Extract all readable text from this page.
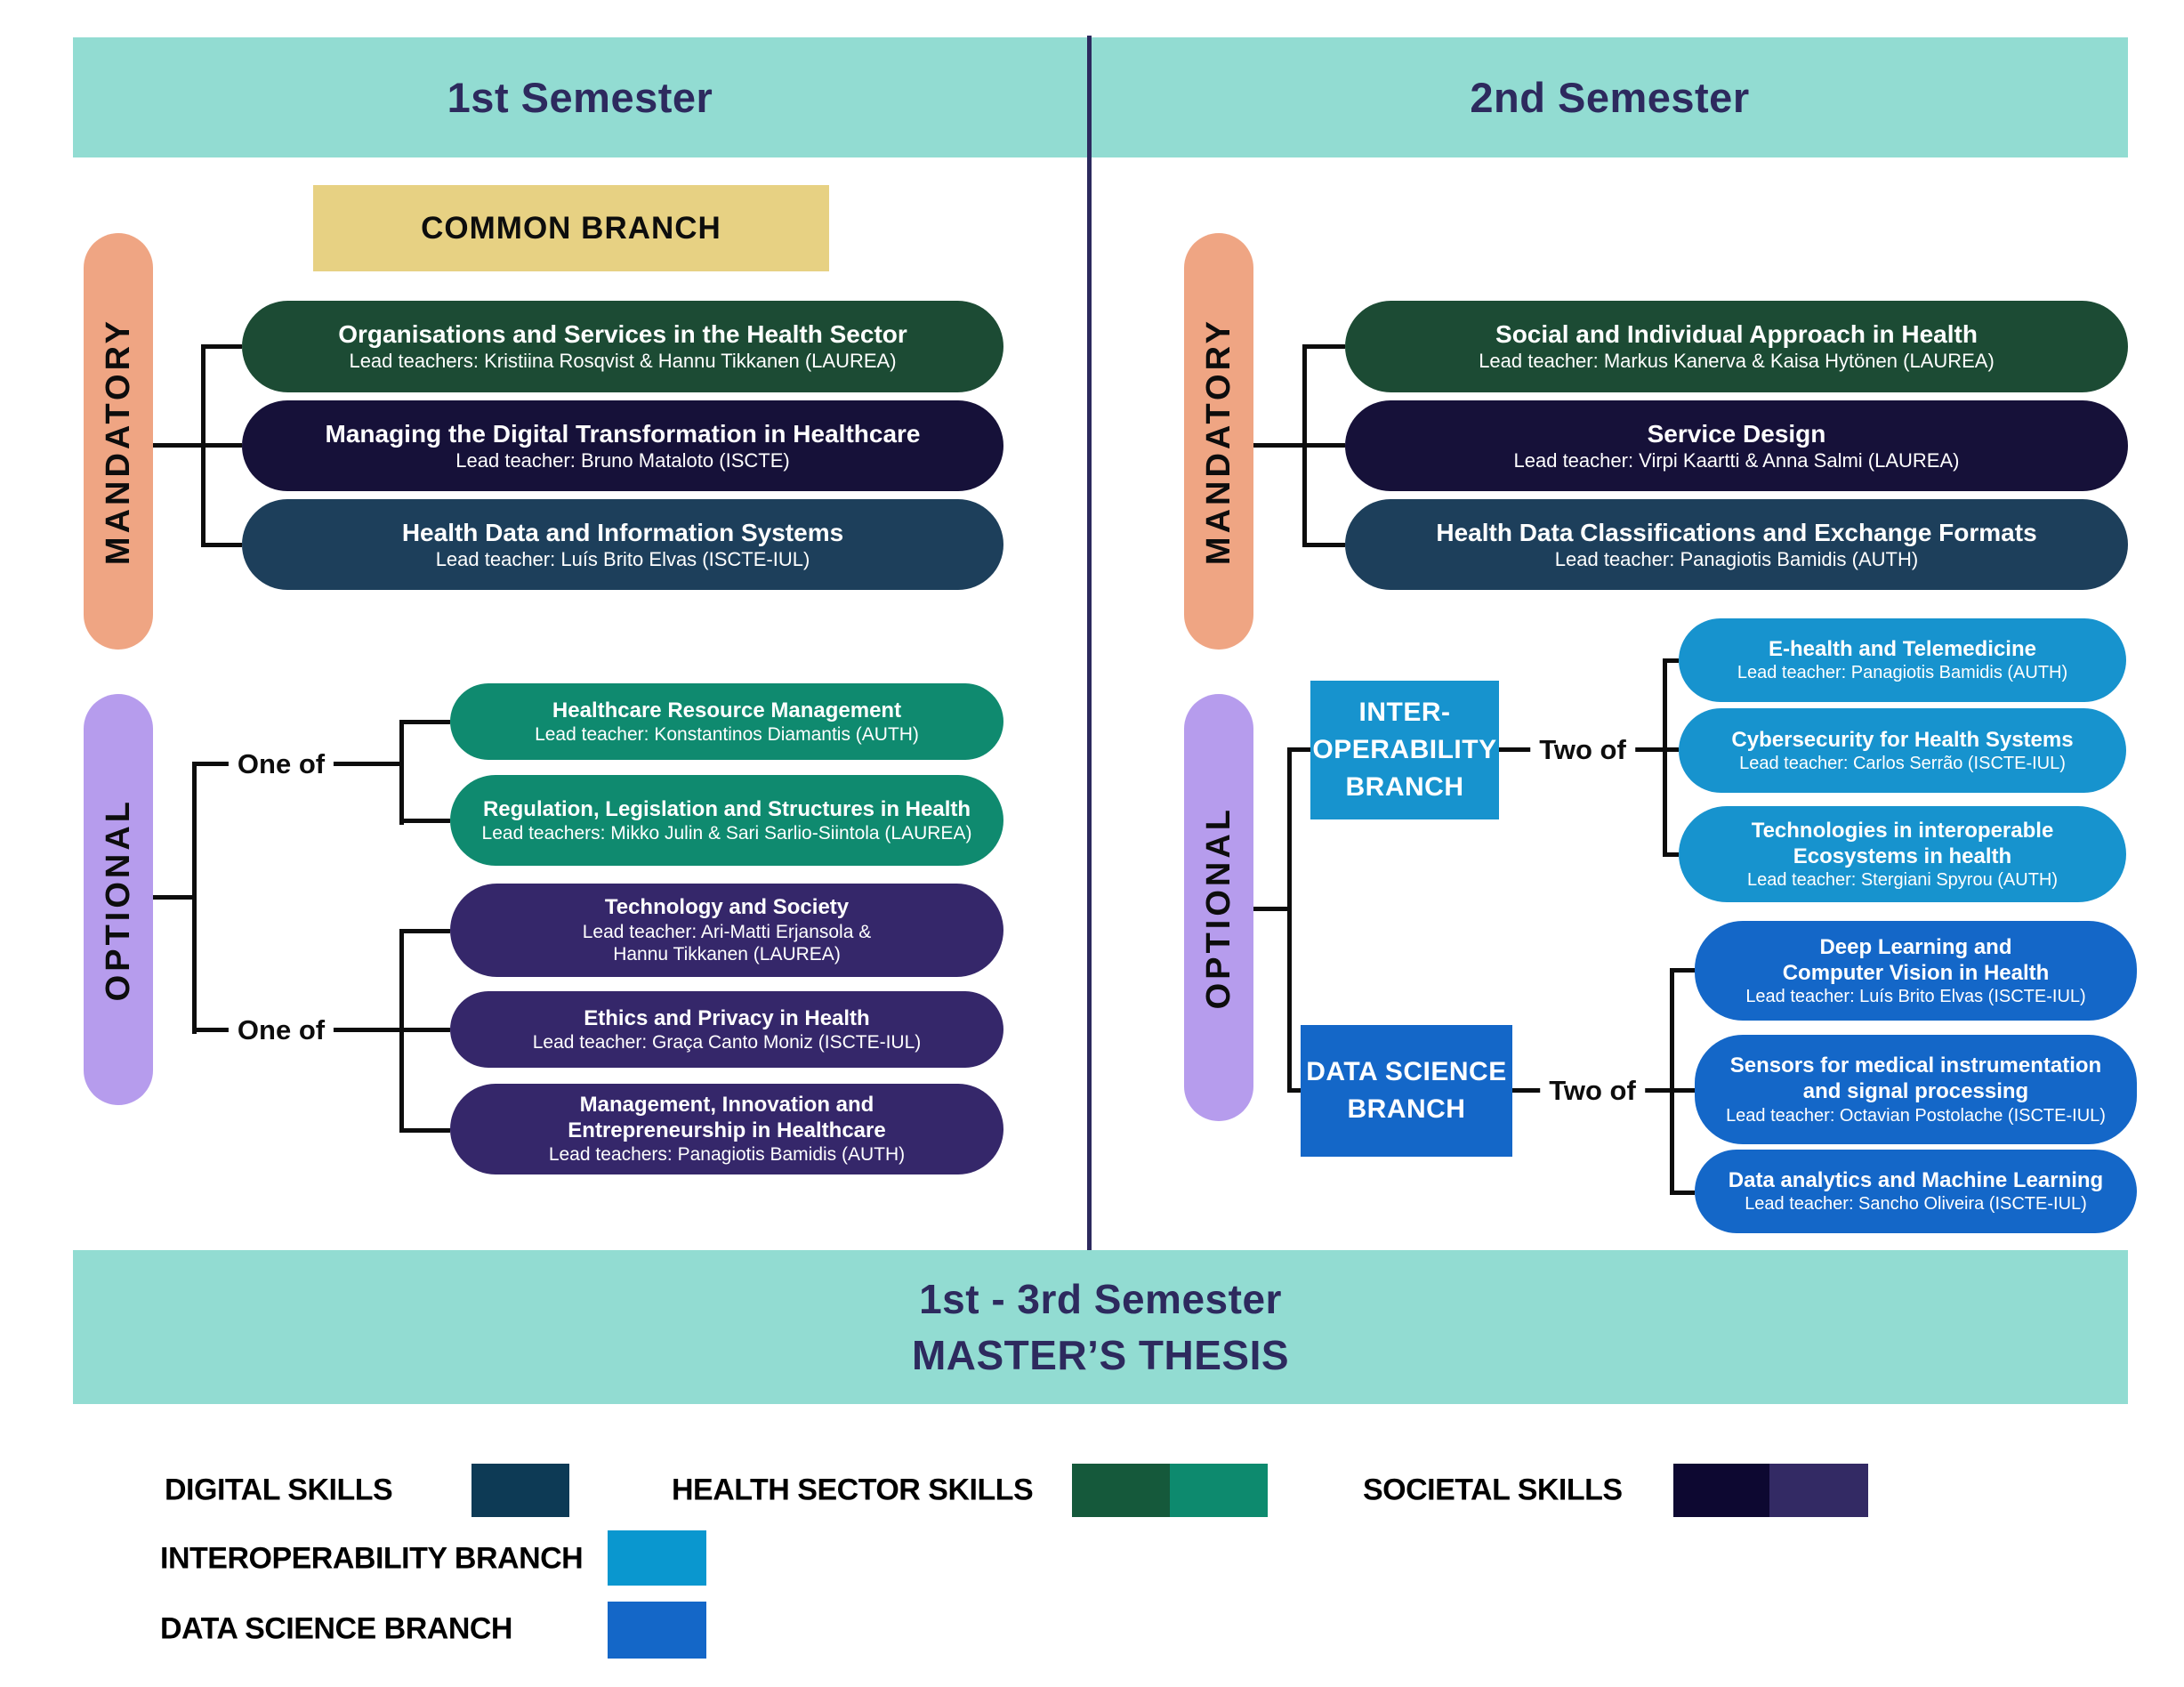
1st Semester	2nd Semester
COMMON BRANCH
MANDATORY	Organisations and Services in the Health Sector
Lead teachers: Kristiina Rosqvist & Hannu Tikkanen (LAUREA)
Managing the Digital Transformation in Healthcare
Lead teacher: Bruno Mataloto (ISCTE)
Health Data and Information Systems
Lead teacher: Luís Brito Elvas (ISCTE-IUL)
OPTIONAL
One of
One of
Healthcare Resource Management
Lead teacher: Konstantinos Diamantis (AUTH)
Regulation, Legislation and Structures in Health
Lead teachers: Mikko Julin & Sari Sarlio-Siintola (LAUREA)
Technology and Society
Lead teacher: Ari-Matti Erjansola &
Hannu Tikkanen (LAUREA)
Ethics and Privacy in Health
Lead teacher: Graça Canto Moniz (ISCTE-IUL)
Management, Innovation and
Entrepreneurship in Healthcare
Lead teachers: Panagiotis Bamidis (AUTH)
MANDATORY	Social and Individual Approach in Health
Lead teacher: Markus Kanerva & Kaisa Hytönen (LAUREA)
Service Design
Lead teacher: Virpi Kaartti & Anna Salmi (LAUREA)
Health Data Classifications and Exchange Formats
Lead teacher: Panagiotis Bamidis (AUTH)
OPTIONAL
INTER-
OPERABILITY
BRANCH
Two of
E-health and Telemedicine
Lead teacher: Panagiotis Bamidis (AUTH)
Cybersecurity for Health Systems
Lead teacher: Carlos Serrão (ISCTE-IUL)
Technologies in interoperable
Ecosystems in health
Lead teacher: Stergiani Spyrou (AUTH)
DATA SCIENCE
BRANCH
Two of
Deep Learning and
Computer Vision in Health
Lead teacher: Luís Brito Elvas (ISCTE-IUL)
Sensors for medical instrumentation
and signal processing
Lead teacher: Octavian Postolache (ISCTE-IUL)
Data analytics and Machine Learning
Lead teacher: Sancho Oliveira (ISCTE-IUL)
1st - 3rd Semester
MASTER’S THESIS
DIGITAL SKILLS	HEALTH SECTOR SKILLS	SOCIETAL SKILLS
INTEROPERABILITY BRANCH
DATA SCIENCE BRANCH
